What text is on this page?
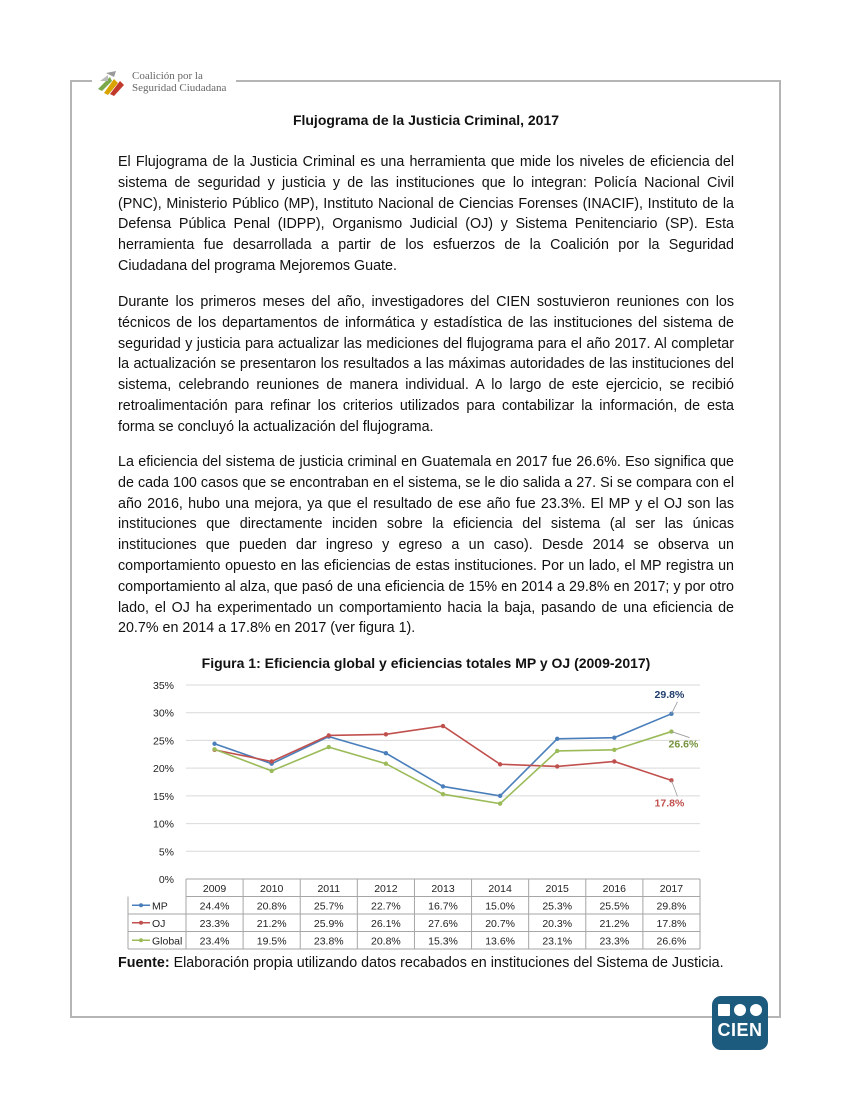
Coalición por la
Seguridad Ciudadana
Flujograma de la Justicia Criminal, 2017

El Flujograma de la Justicia Criminal es una herramienta que mide los niveles de eficiencia del sistema de seguridad y justicia y de las instituciones que lo integran: Policía Nacional Civil (PNC), Ministerio Público (MP), Instituto Nacional de Ciencias Forenses (INACIF), Instituto de la Defensa Pública Penal (IDPP), Organismo Judicial (OJ) y Sistema Penitenciario (SP). Esta herramienta fue desarrollada a partir de los esfuerzos de la Coalición por la Seguridad Ciudadana del programa Mejoremos Guate.

Durante los primeros meses del año, investigadores del CIEN sostuvieron reuniones con los técnicos de los departamentos de informática y estadística de las instituciones del sistema de seguridad y justicia para actualizar las mediciones del flujograma para el año 2017. Al completar la actualización se presentaron los resultados a las máximas autoridades de las instituciones del sistema, celebrando reuniones de manera individual. A lo largo de este ejercicio, se recibió retroalimentación para refinar los criterios utilizados para contabilizar la información, de esta forma se concluyó la actualización del flujograma.

La eficiencia del sistema de justicia criminal en Guatemala en 2017 fue 26.6%. Eso significa que de cada 100 casos que se encontraban en el sistema, se le dio salida a 27. Si se compara con el año 2016, hubo una mejora, ya que el resultado de ese año fue 23.3%. El MP y el OJ son las instituciones que directamente inciden sobre la eficiencia del sistema (al ser las únicas instituciones que pueden dar ingreso y egreso a un caso). Desde 2014 se observa un comportamiento opuesto en las eficiencias de estas instituciones. Por un lado, el MP registra un comportamiento al alza, que pasó de una eficiencia de 15% en 2014 a 29.8% en 2017; y por otro lado, el OJ ha experimentado un comportamiento hacia la baja, pasando de una eficiencia de 20.7% en 2014 a 17.8% en 2017 (ver figura 1).

Figura 1: Eficiencia global y eficiencias totales MP y OJ (2009-2017)
0%
5%
10%
15%
20%
25%
30%
35%
2009	2010	2011	2012	2013	2014	2015	2016	2017
MP	24.4%	20.8%	25.7%	22.7%	16.7%	15.0%	25.3%	25.5%	29.8%
OJ	23.3%	21.2%	25.9%	26.1%	27.6%	20.7%	20.3%	21.2%	17.8%
Global 23.4%	19.5%	23.8%	20.8%	15.3%	13.6%	23.1%	23.3%	26.6%
29.8%
17.8%
26.6%

Fuente: Elaboración propia utilizando datos recabados en instituciones del Sistema de Justicia.

CIEN
